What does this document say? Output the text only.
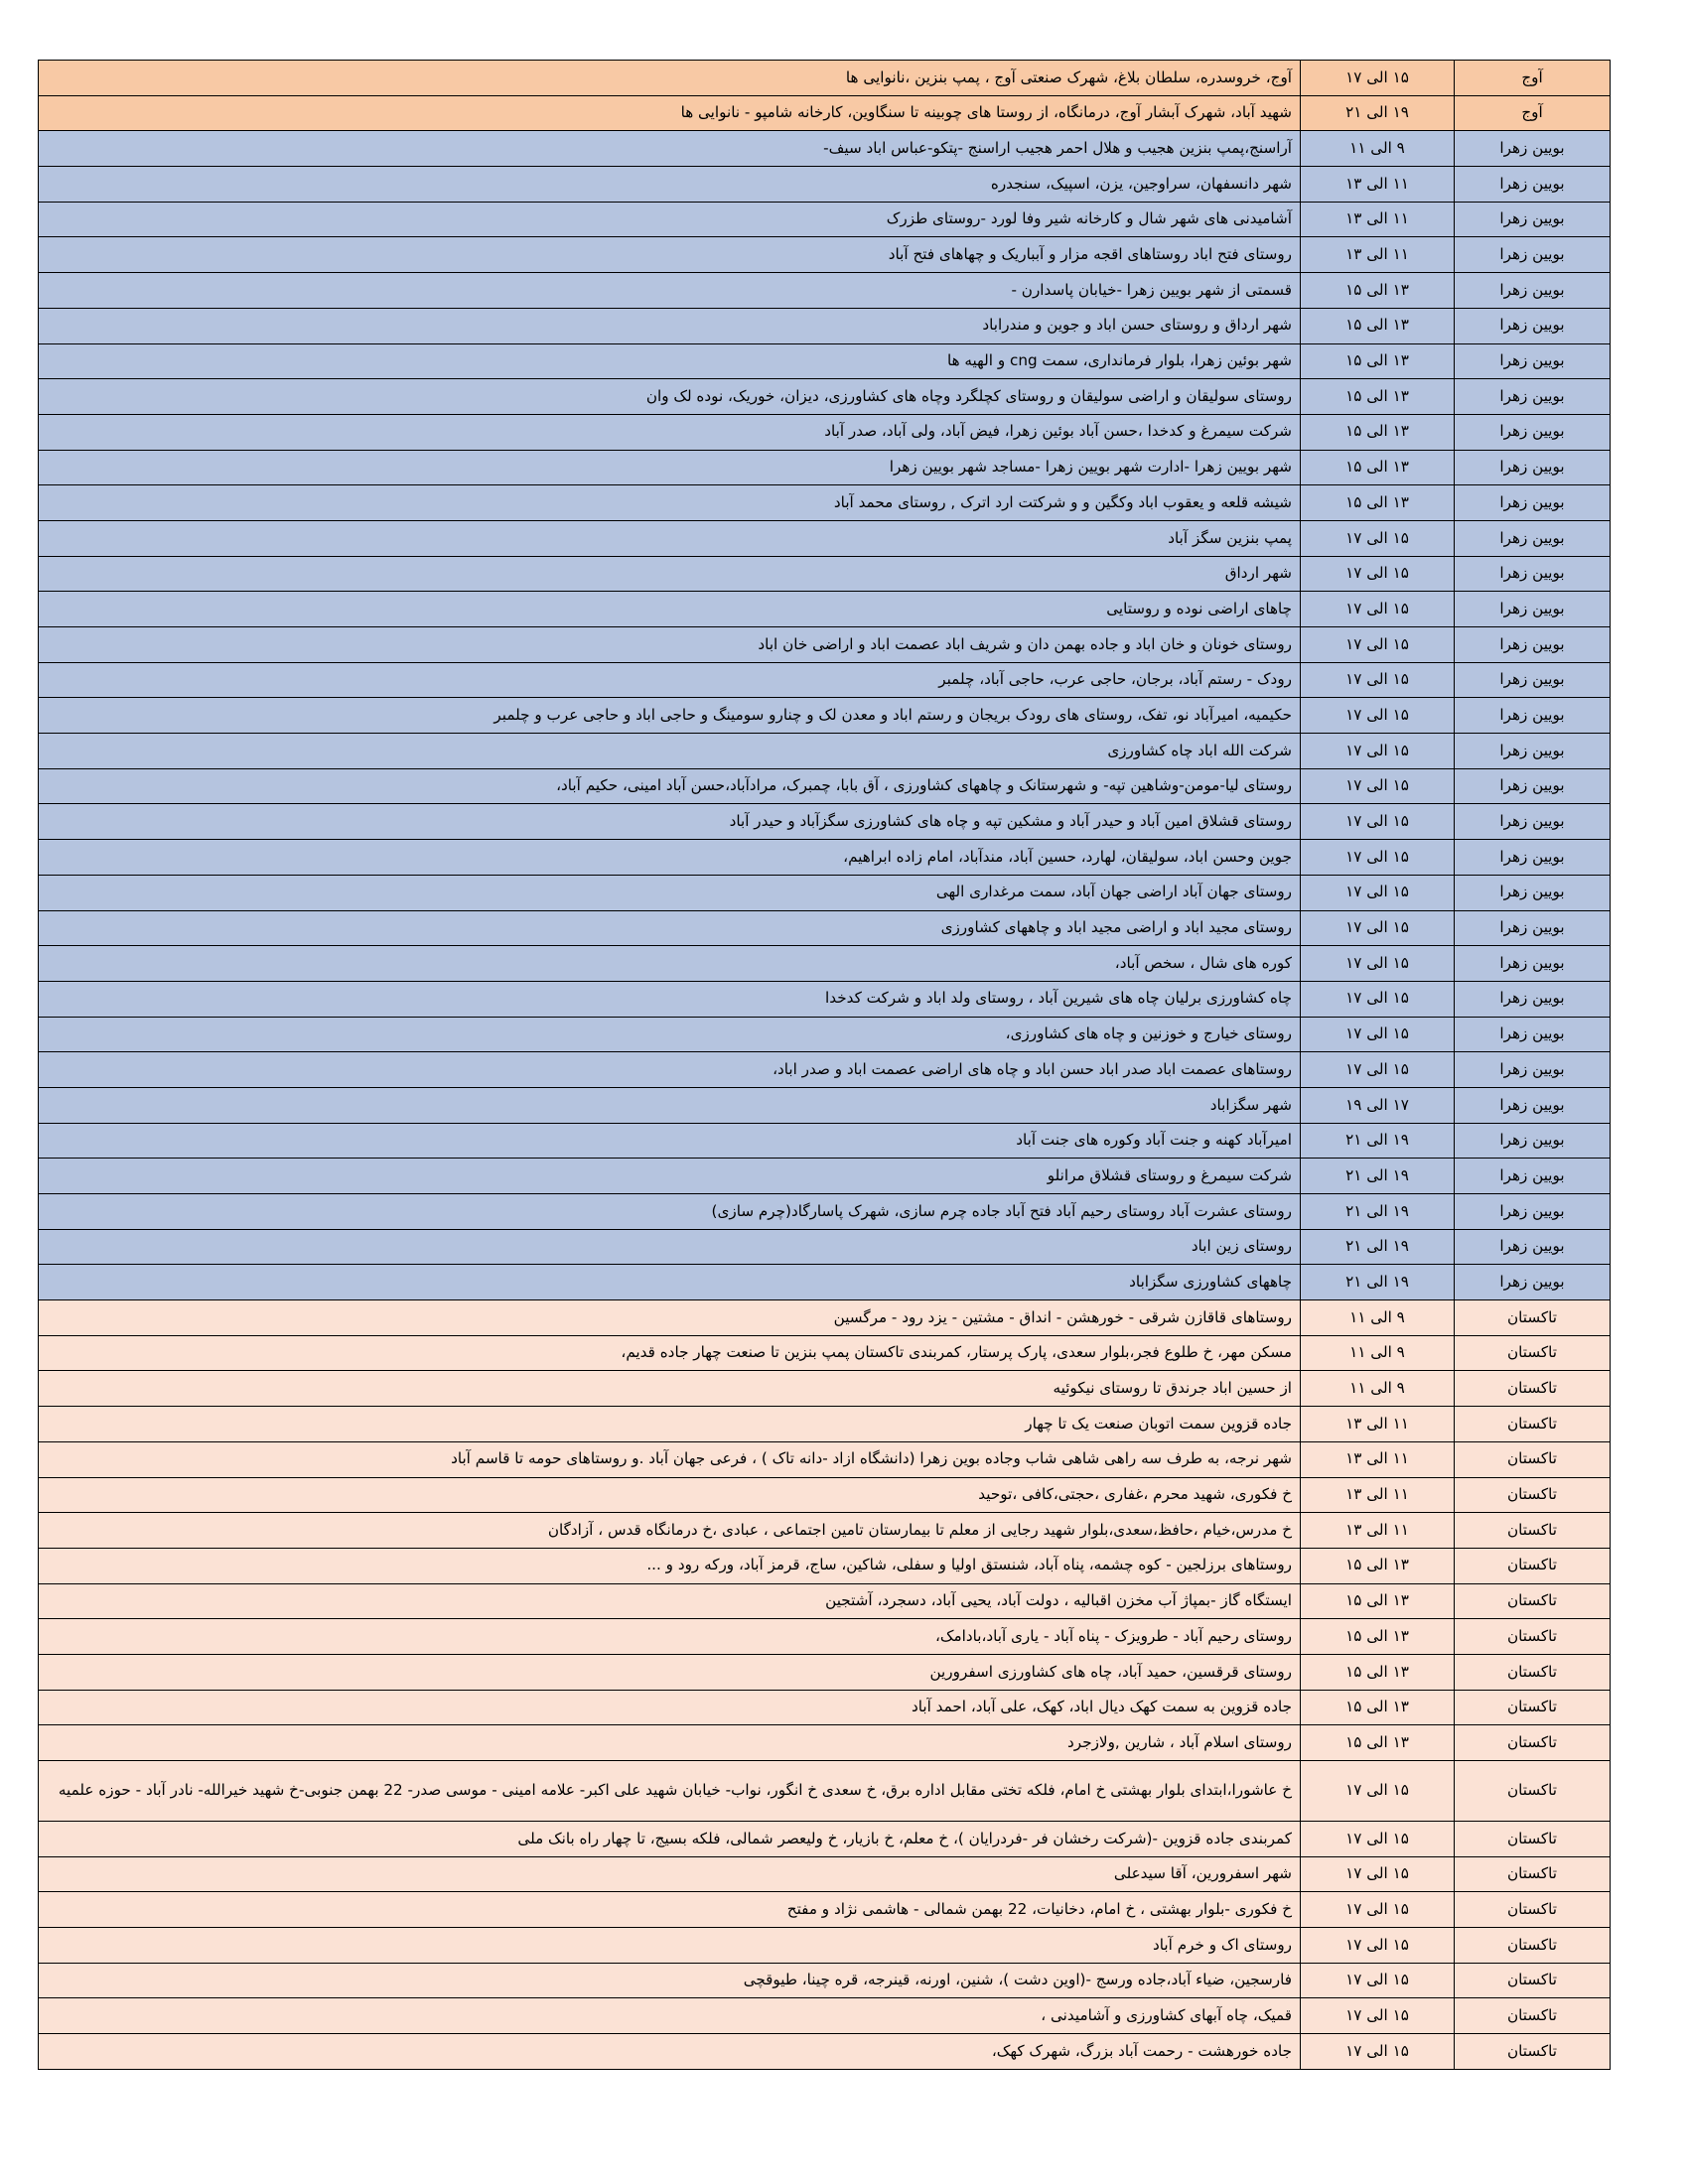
آوج	۱۵ الی ۱۷	آوج، خروسدره، سلطان بلاغ، شهرک صنعتی آوج ، پمپ بنزین ،نانوایی ها
آوج	۱۹ الی ۲۱	شهید آباد، شهرک آبشار آوج، درمانگاه، از روستا های چوبینه تا سنگاوین، کارخانه شامپو - نانوایی ها
بویین زهرا	۹ الی ۱۱	آراسنج،پمپ بنزین هجیب و هلال احمر هجیب اراسنج -پتکو-عباس اباد سیف-
بویین زهرا	۱۱ الی ۱۳	شهر دانسفهان، سراوجین، یزن، اسپیک، سنجدره
بویین زهرا	۱۱ الی ۱۳	آشامیدنی های شهر شال و کارخانه شیر وفا لورد -روستای طزرک
بویین زهرا	۱۱ الی ۱۳	روستای فتح اباد روستاهای اقجه مزار و آبباریک و چهاهای فتح آباد
بویین زهرا	۱۳ الی ۱۵	قسمتی از شهر بویین زهرا -خیابان پاسدارن -
بویین زهرا	۱۳ الی ۱۵	شهر ارداق و روستای حسن اباد و جوین و مندراباد
بویین زهرا	۱۳ الی ۱۵	شهر بوئین زهرا، بلوار فرمانداری، سمت cng و الهیه ها
بویین زهرا	۱۳ الی ۱۵	روستای سولیقان و اراضی سولیقان و روستای کچلگرد وچاه های کشاورزی، دیزان، خوریک، نوده لک وان
بویین زهرا	۱۳ الی ۱۵	شرکت سیمرغ و کدخدا ،حسن آباد بوئین زهرا، فیض آباد، ولی آباد، صدر آباد
بویین زهرا	۱۳ الی ۱۵	شهر بویین زهرا -ادارت شهر بویین زهرا -مساجد شهر بویین زهرا
بویین زهرا	۱۳ الی ۱۵	شیشه قلعه و یعقوب اباد وکگین و و شرکتت ارد اترک , روستای محمد آباد
بویین زهرا	۱۵ الی ۱۷	پمپ بنزین سگز آباد
بویین زهرا	۱۵ الی ۱۷	شهر ارداق
بویین زهرا	۱۵ الی ۱۷	چاهای اراضی نوده و روستایی
بویین زهرا	۱۵ الی ۱۷	روستای خونان و خان اباد و جاده بهمن دان و شریف اباد عصمت اباد و اراضی خان اباد
بویین زهرا	۱۵ الی ۱۷	رودک - رستم آباد، برجان، حاجی عرب، حاجی آباد، چلمبر
بویین زهرا	۱۵ الی ۱۷	حکیمیه، امیرآباد نو، تفک، روستای های رودک بریجان و رستم اباد و معدن لک و چنارو سومینگ و حاجی اباد و حاجی عرب و چلمبر
بویین زهرا	۱۵ الی ۱۷	شرکت الله اباد چاه کشاورزی
بویین زهرا	۱۵ الی ۱۷	روستای لیا-مومن-وشاهین تپه- و شهرستانک و چاههای کشاورزی ، آق بابا، چمبرک، مرادآباد،حسن آباد امینی، حکیم آباد،
بویین زهرا	۱۵ الی ۱۷	روستای قشلاق امین آباد و حیدر آباد و مشکین تپه و چاه های کشاورزی سگزآباد و حیدر آباد
بویین زهرا	۱۵ الی ۱۷	جوین وحسن اباد، سولیقان، لهارد، حسین آباد، مندآباد، امام زاده ابراهیم،
بویین زهرا	۱۵ الی ۱۷	روستای جهان آباد اراضی جهان آباد، سمت مرغداری الهی
بویین زهرا	۱۵ الی ۱۷	روستای مجید اباد و اراضی مجید اباد و چاههای کشاورزی
بویین زهرا	۱۵ الی ۱۷	کوره های شال ، سخص آباد،
بویین زهرا	۱۵ الی ۱۷	چاه کشاورزی برلیان چاه های شیرین آباد ، روستای ولد اباد و شرکت کدخدا
بویین زهرا	۱۵ الی ۱۷	روستای خیارج و خوزنین و چاه های کشاورزی،
بویین زهرا	۱۵ الی ۱۷	روستاهای عصمت اباد صدر اباد حسن اباد و چاه های اراضی عصمت اباد و صدر اباد،
بویین زهرا	۱۷ الی ۱۹	شهر سگزاباد
بویین زهرا	۱۹ الی ۲۱	امیرآباد کهنه و جنت آباد وکوره های جنت آباد
بویین زهرا	۱۹ الی ۲۱	شرکت سیمرغ و روستای قشلاق مرانلو
بویین زهرا	۱۹ الی ۲۱	روستای عشرت آباد روستای رحیم آباد فتح آباد جاده چرم سازی، شهرک پاسارگاد(چرم سازی)
بویین زهرا	۱۹ الی ۲۱	روستای زین اباد
بویین زهرا	۱۹ الی ۲۱	چاههای کشاورزی سگزاباد
تاکستان	۹ الی ۱۱	روستاهای قاقازن شرقی - خورهشن - انداق - مشتین - یزد رود - مرگسین
تاکستان	۹ الی ۱۱	مسکن مهر، خ طلوع فجر،بلوار سعدی، پارک پرستار، کمربندی تاکستان پمپ بنزین تا صنعت چهار جاده قدیم،
تاکستان	۹ الی ۱۱	از حسین اباد جرندق تا روستای نیکوئیه
تاکستان	۱۱ الی ۱۳	جاده قزوین سمت اتوبان صنعت یک تا چهار
تاکستان	۱۱ الی ۱۳	شهر نرجه، به طرف سه راهی شاهی شاب وجاده بوین زهرا (دانشگاه ازاد -دانه تاک ) ، فرعی جهان آباد .و روستاهای حومه تا قاسم آباد
تاکستان	۱۱ الی ۱۳	خ فکوری، شهید محرم ،غفاری ،حجتی،کافی ،توحید
تاکستان	۱۱ الی ۱۳	خ مدرس،خیام ،حافظ،سعدی،بلوار شهید رجایی از معلم تا بیمارستان تامین اجتماعی ، عبادی ،خ درمانگاه قدس ، آزادگان
تاکستان	۱۳ الی ۱۵	روستاهای برزلجین - کوه چشمه، پناه آباد، شنستق اولیا و سفلی، شاکین، ساج، قرمز آباد، ورکه رود و ...
تاکستان	۱۳ الی ۱۵	ایستگاه گاز -بمپاژ آب مخزن اقبالیه ، دولت آباد، یحیی آباد، دسجرد، آشتجین
تاکستان	۱۳ الی ۱۵	روستای رحیم آباد - طرویزک - پناه آباد - یاری آباد،بادامک،
تاکستان	۱۳ الی ۱۵	روستای قرقسین، حمید آباد، چاه های کشاورزی اسفرورین
تاکستان	۱۳ الی ۱۵	جاده قزوین به سمت کهک دیال اباد، کهک، علی آباد، احمد آباد
تاکستان	۱۳ الی ۱۵	روستای اسلام آباد ، شارین ,ولازجرد
تاکستان	۱۵ الی ۱۷	خ عاشورا،ابتدای بلوار بهشتی خ امام، فلکه تختی مقابل اداره برق، خ سعدی خ انگور، نواب- خیابان شهید علی اکبر- علامه امینی - موسی صدر- 22 بهمن جنوبی-خ شهید خیرالله- نادر آباد - حوزه علمیه
تاکستان	۱۵ الی ۱۷	کمربندی جاده قزوین -(شرکت رخشان فر -فردرایان )، خ معلم، خ بازیار، خ ولیعصر شمالی، فلکه بسیج، تا چهار راه بانک ملی
تاکستان	۱۵ الی ۱۷	شهر اسفرورین، آقا سیدعلی
تاکستان	۱۵ الی ۱۷	خ فکوری -بلوار بهشتی ، خ امام، دخانیات، 22 بهمن شمالی - هاشمی نژاد و مفتح
تاکستان	۱۵ الی ۱۷	روستای اک و خرم آباد
تاکستان	۱۵ الی ۱۷	فارسجین، ضیاء آباد،جاده ورسج -(اوین دشت )، شنین، اورنه، قینرجه، قره چینا، طیوقچی
تاکستان	۱۵ الی ۱۷	قمیک، چاه آبهای کشاورزی و آشامیدنی ،
تاکستان	۱۵ الی ۱۷	جاده خورهشت - رحمت آباد بزرگ، شهرک کهک،
